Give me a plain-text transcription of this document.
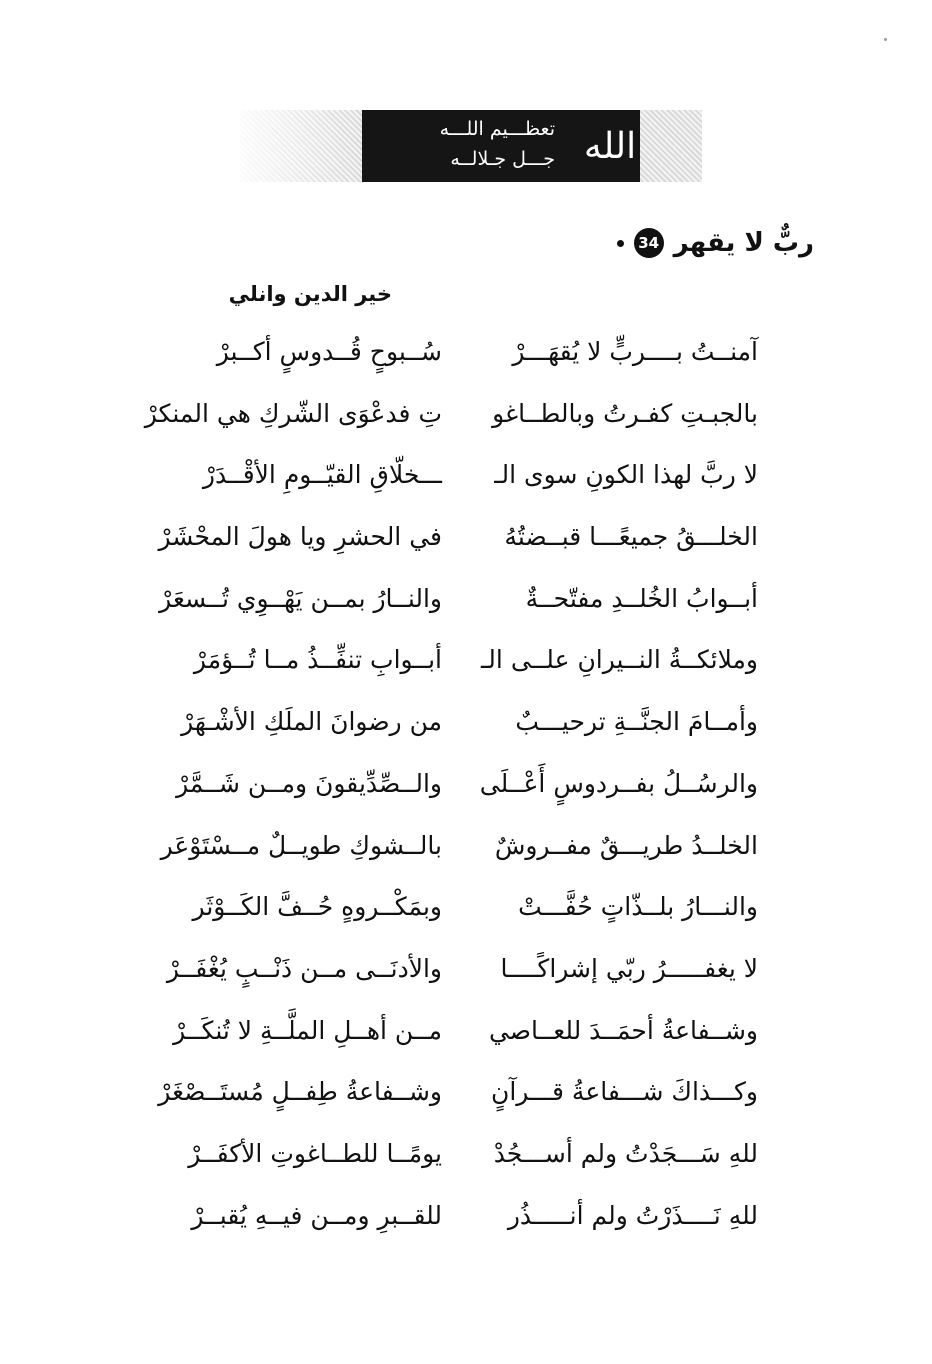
تعظـــيم اللـــه
جـــل جـلالــه الله
ربٌّ لا يقهر
34
خير الدين وانلي
آمنــتُ بــــربٍّ لا يُقهَـــرْ
سُــبوحٍ قُــدوسٍ أكــبرْ
بالجبـتِ كفـرتُ وبالطــاغو
تِ فدعْوَى الشّركِ هي المنكرْ
لا ربَّ لهذا الكونِ سوى الـ
ـــخلّاقِ القيّــومِ الأقْــدَرْ
الخلـــقُ جميعًـــا قبــضتُهُ
في الحشرِ ويا هولَ المحْشَرْ
أبــوابُ الخُلــدِ مفتّحــةٌ
والنــارُ بمــن يَهْــوِي تُــسعَرْ
وملائكــةُ النــيرانِ علــى الـ
أبــوابِ تنفِّــذُ مــا تُــؤمَرْ
وأمــامَ الجنَّــةِ ترحيـــبٌ
من رضوانَ الملَكِ الأشْـهَرْ
والرسُــلُ بفــردوسٍ أَعْــلَى
والــصِّدِّيقونَ ومــن شَــمَّرْ
الخلــدُ طريـــقٌ مفــروشٌ
بالــشوكِ طويــلٌ مــسْتَوْعَر
والنـــارُ بلــذّاتٍ حُفَّـــتْ
وبمَكْــروهٍ حُــفَّ الكَــوْثَر
لا يغفـــــرُ ربّي إشراكًــــا
والأدنَــى مــن ذَنْــبٍ يُغْفَــرْ
وشــفاعةُ أحمَــدَ للعــاصي
مــن أهــلِ الملَّــةِ لا تُنكَــرْ
وكـــذاكَ شـــفاعةُ قـــرآنٍ
وشــفاعةُ طِفــلٍ مُستَــصْغَرْ
للهِ سَـــجَدْتُ ولم أســـجُدْ
يومًــا للطــاغوتِ الأكفَــرْ
للهِ نَــــذَرْتُ ولم أنـــــذُر
للقــبرِ ومــن فيــهِ يُقبــرْ
